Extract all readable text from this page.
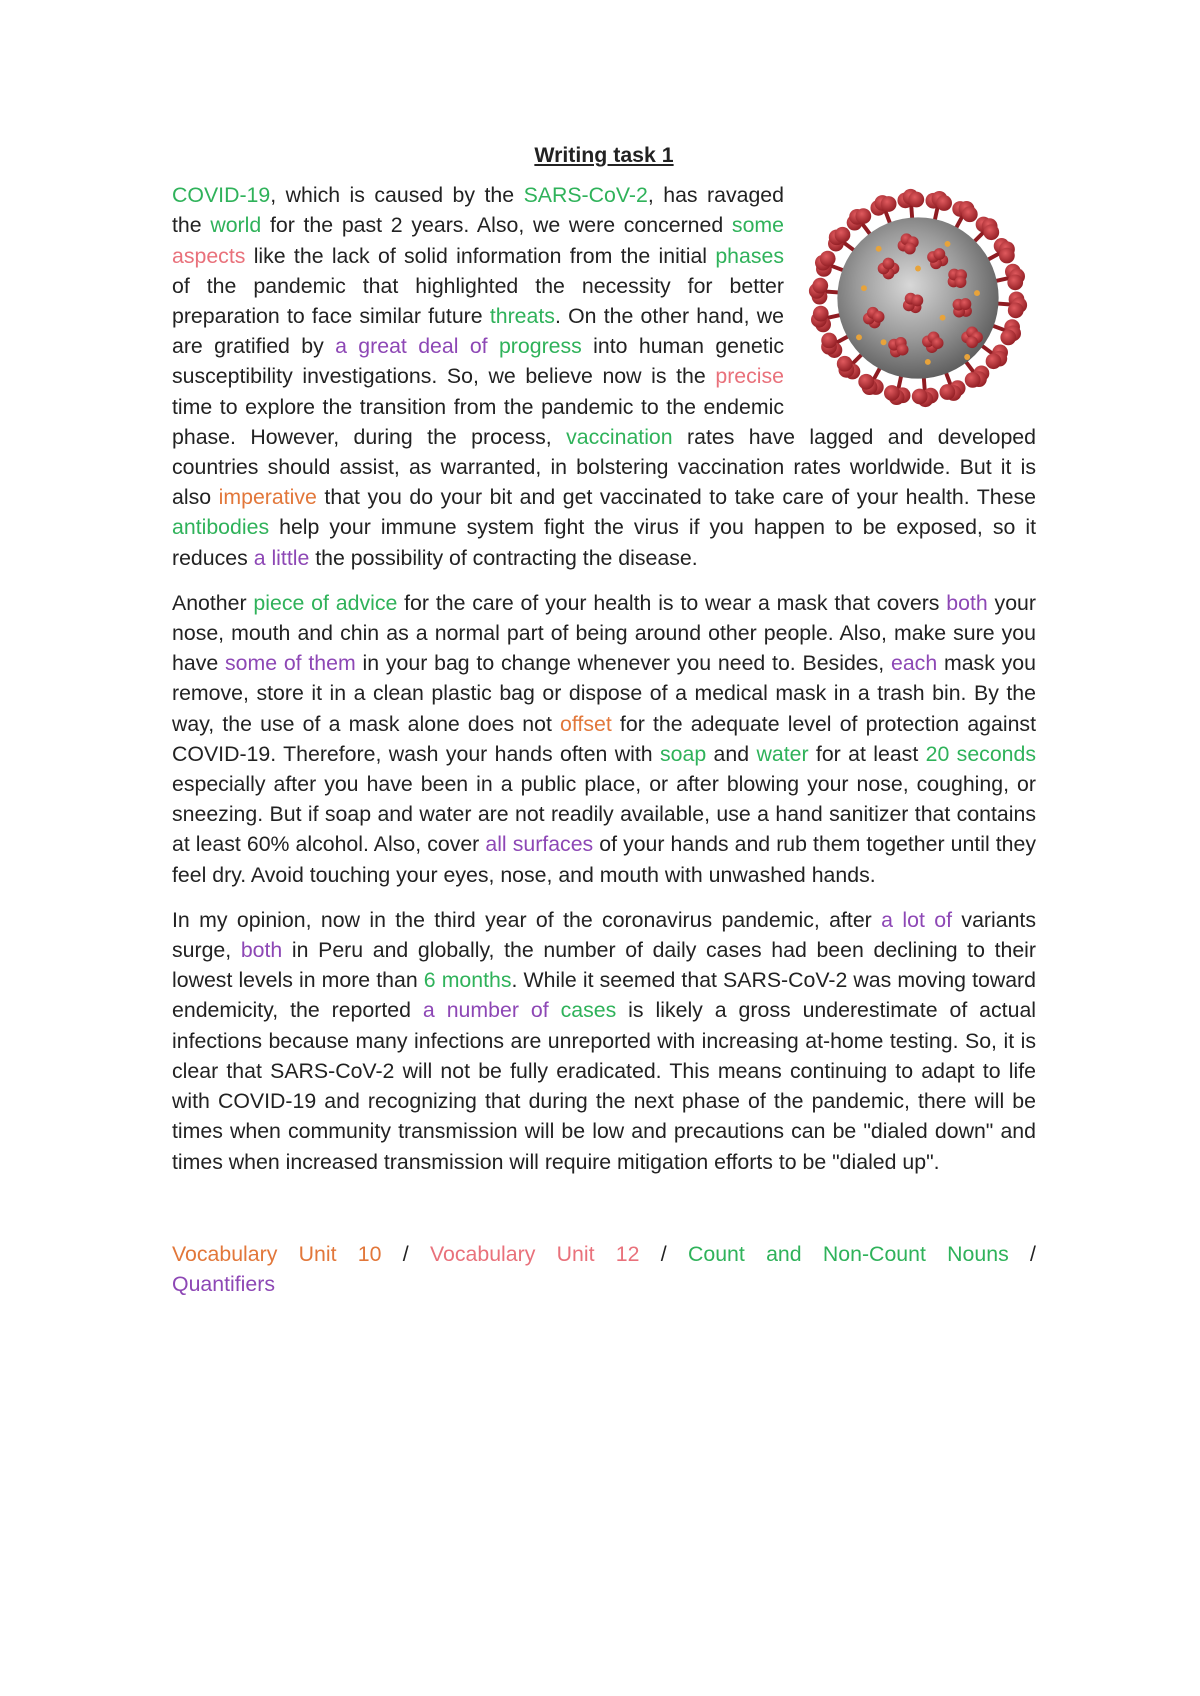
Writing task 1
COVID-19, which is caused by the SARS-CoV-2, has ravaged the world for the past 2 years. Also, we were concerned some aspects like the lack of solid information from the initial phases of the pandemic that highlighted the necessity for better preparation to face similar future threats. On the other hand, we are gratified by a great deal of progress into human genetic susceptibility investigations. So, we believe now is the precise time to explore the transition from the pandemic to the endemic phase. However, during the process, vaccination rates have lagged and developed countries should assist, as warranted, in bolstering vaccination rates worldwide. But it is also imperative that you do your bit and get vaccinated to take care of your health. These antibodies help your immune system fight the virus if you happen to be exposed, so it reduces a little the possibility of contracting the disease.
Another piece of advice for the care of your health is to wear a mask that covers both your nose, mouth and chin as a normal part of being around other people. Also, make sure you have some of them in your bag to change whenever you need to. Besides, each mask you remove, store it in a clean plastic bag or dispose of a medical mask in a trash bin. By the way, the use of a mask alone does not offset for the adequate level of protection against COVID-19. Therefore, wash your hands often with soap and water for at least 20 seconds especially after you have been in a public place, or after blowing your nose, coughing, or sneezing. But if soap and water are not readily available, use a hand sanitizer that contains at least 60% alcohol. Also, cover all surfaces of your hands and rub them together until they feel dry. Avoid touching your eyes, nose, and mouth with unwashed hands.
In my opinion, now in the third year of the coronavirus pandemic, after a lot of variants surge, both in Peru and globally, the number of daily cases had been declining to their lowest levels in more than 6 months. While it seemed that SARS-CoV-2 was moving toward endemicity, the reported a number of cases is likely a gross underestimate of actual infections because many infections are unreported with increasing at-home testing. So, it is clear that SARS-CoV-2 will not be fully eradicated. This means continuing to adapt to life with COVID-19 and recognizing that during the next phase of the pandemic, there will be times when community transmission will be low and precautions can be "dialed down" and times when increased transmission will require mitigation efforts to be "dialed up".
Vocabulary Unit 10 / Vocabulary Unit 12 / Count and Non-Count Nouns / Quantifiers
